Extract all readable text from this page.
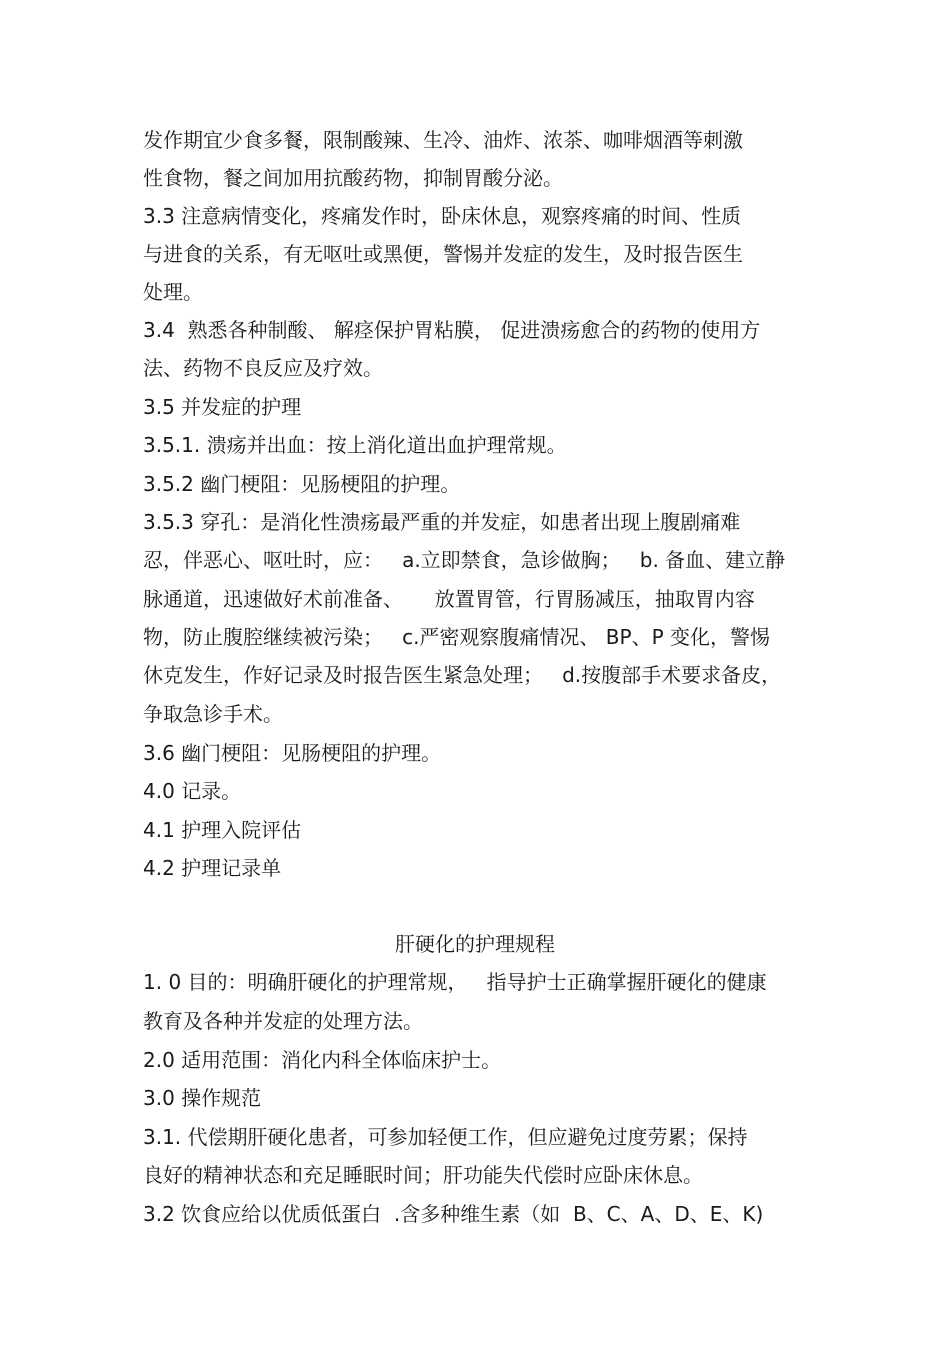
发作期宜少食多餐，限制酸辣、生冷、油炸、浓茶、咖啡烟酒等刺激
性食物，餐之间加用抗酸药物，抑制胃酸分泌。
3.3 注意病情变化，疼痛发作时，卧床休息，观察疼痛的时间、性质
与进食的关系，有无呕吐或黑便，警惕并发症的发生，及时报告医生
处理。
3.4  熟悉各种制酸、 解痉保护胃粘膜， 促进溃疡愈合的药物的使用方
法、药物不良反应及疗效。
3.5 并发症的护理
3.5.1. 溃疡并出血：按上消化道出血护理常规。
3.5.2 幽门梗阻：见肠梗阻的护理。
3.5.3 穿孔：是消化性溃疡最严重的并发症，如患者出现上腹剧痛难
忍，伴恶心、呕吐时，应：   a.立即禁食，急诊做胸；   b. 备血、建立静
脉通道，迅速做好术前准备、     放置胃管，行胃肠减压，抽取胃内容
物，防止腹腔继续被污染；   c.严密观察腹痛情况、 BP、P 变化，警惕
休克发生，作好记录及时报告医生紧急处理；   d.按腹部手术要求备皮，
争取急诊手术。
3.6 幽门梗阻：见肠梗阻的护理。
4.0 记录。
4.1 护理入院评估
4.2 护理记录单
肝硬化的护理规程
1. 0 目的：明确肝硬化的护理常规，   指导护士正确掌握肝硬化的健康
教育及各种并发症的处理方法。
2.0 适用范围：消化内科全体临床护士。
3.0 操作规范
3.1. 代偿期肝硬化患者，可参加轻便工作，但应避免过度劳累；保持
良好的精神状态和充足睡眠时间；肝功能失代偿时应卧床休息。
3.2 饮食应给以优质低蛋白  .含多种维生素（如  B、C、A、D、E、K)
